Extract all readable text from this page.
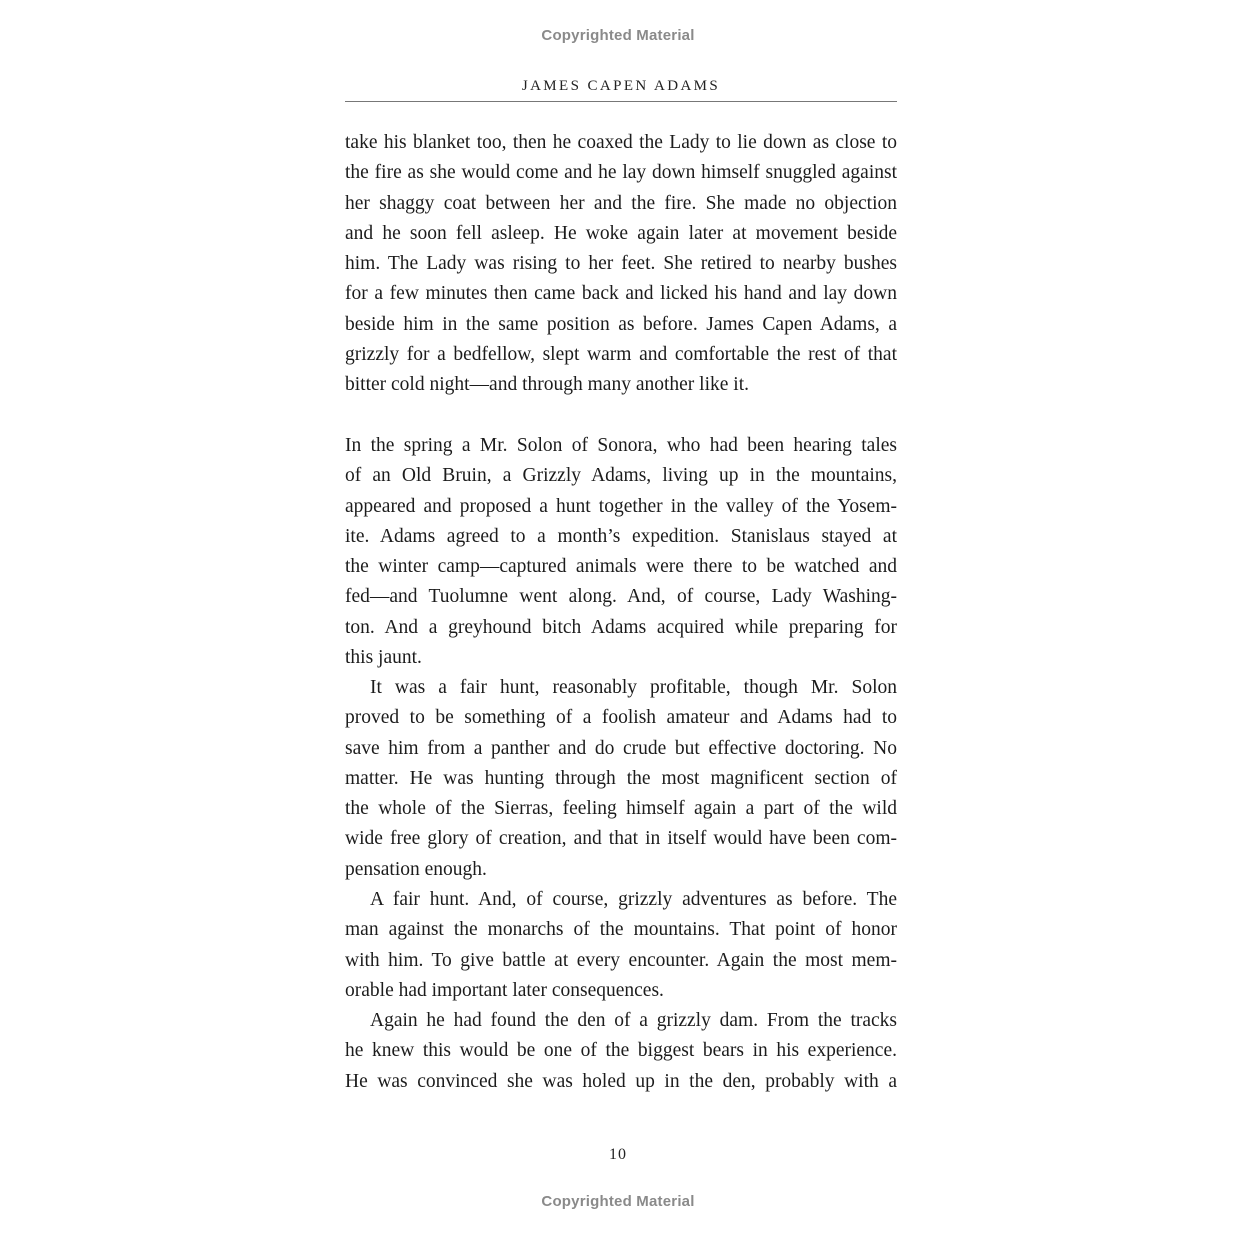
Copyrighted Material
JAMES CAPEN ADAMS
take his blanket too, then he coaxed the Lady to lie down as close to
the fire as she would come and he lay down himself snuggled against
her shaggy coat between her and the fire. She made no objection
and he soon fell asleep. He woke again later at movement beside
him. The Lady was rising to her feet. She retired to nearby bushes
for a few minutes then came back and licked his hand and lay down
beside him in the same position as before. James Capen Adams, a
grizzly for a bedfellow, slept warm and comfortable the rest of that
bitter cold night—and through many another like it.
In the spring a Mr. Solon of Sonora, who had been hearing tales
of an Old Bruin, a Grizzly Adams, living up in the mountains,
appeared and proposed a hunt together in the valley of the Yosem-
ite. Adams agreed to a month’s expedition. Stanislaus stayed at
the winter camp—captured animals were there to be watched and
fed—and Tuolumne went along. And, of course, Lady Washing-
ton. And a greyhound bitch Adams acquired while preparing for
this jaunt.
It was a fair hunt, reasonably profitable, though Mr. Solon
proved to be something of a foolish amateur and Adams had to
save him from a panther and do crude but effective doctoring. No
matter. He was hunting through the most magnificent section of
the whole of the Sierras, feeling himself again a part of the wild
wide free glory of creation, and that in itself would have been com-
pensation enough.
A fair hunt. And, of course, grizzly adventures as before. The
man against the monarchs of the mountains. That point of honor
with him. To give battle at every encounter. Again the most mem-
orable had important later consequences.
Again he had found the den of a grizzly dam. From the tracks
he knew this would be one of the biggest bears in his experience.
He was convinced she was holed up in the den, probably with a
10
Copyrighted Material
